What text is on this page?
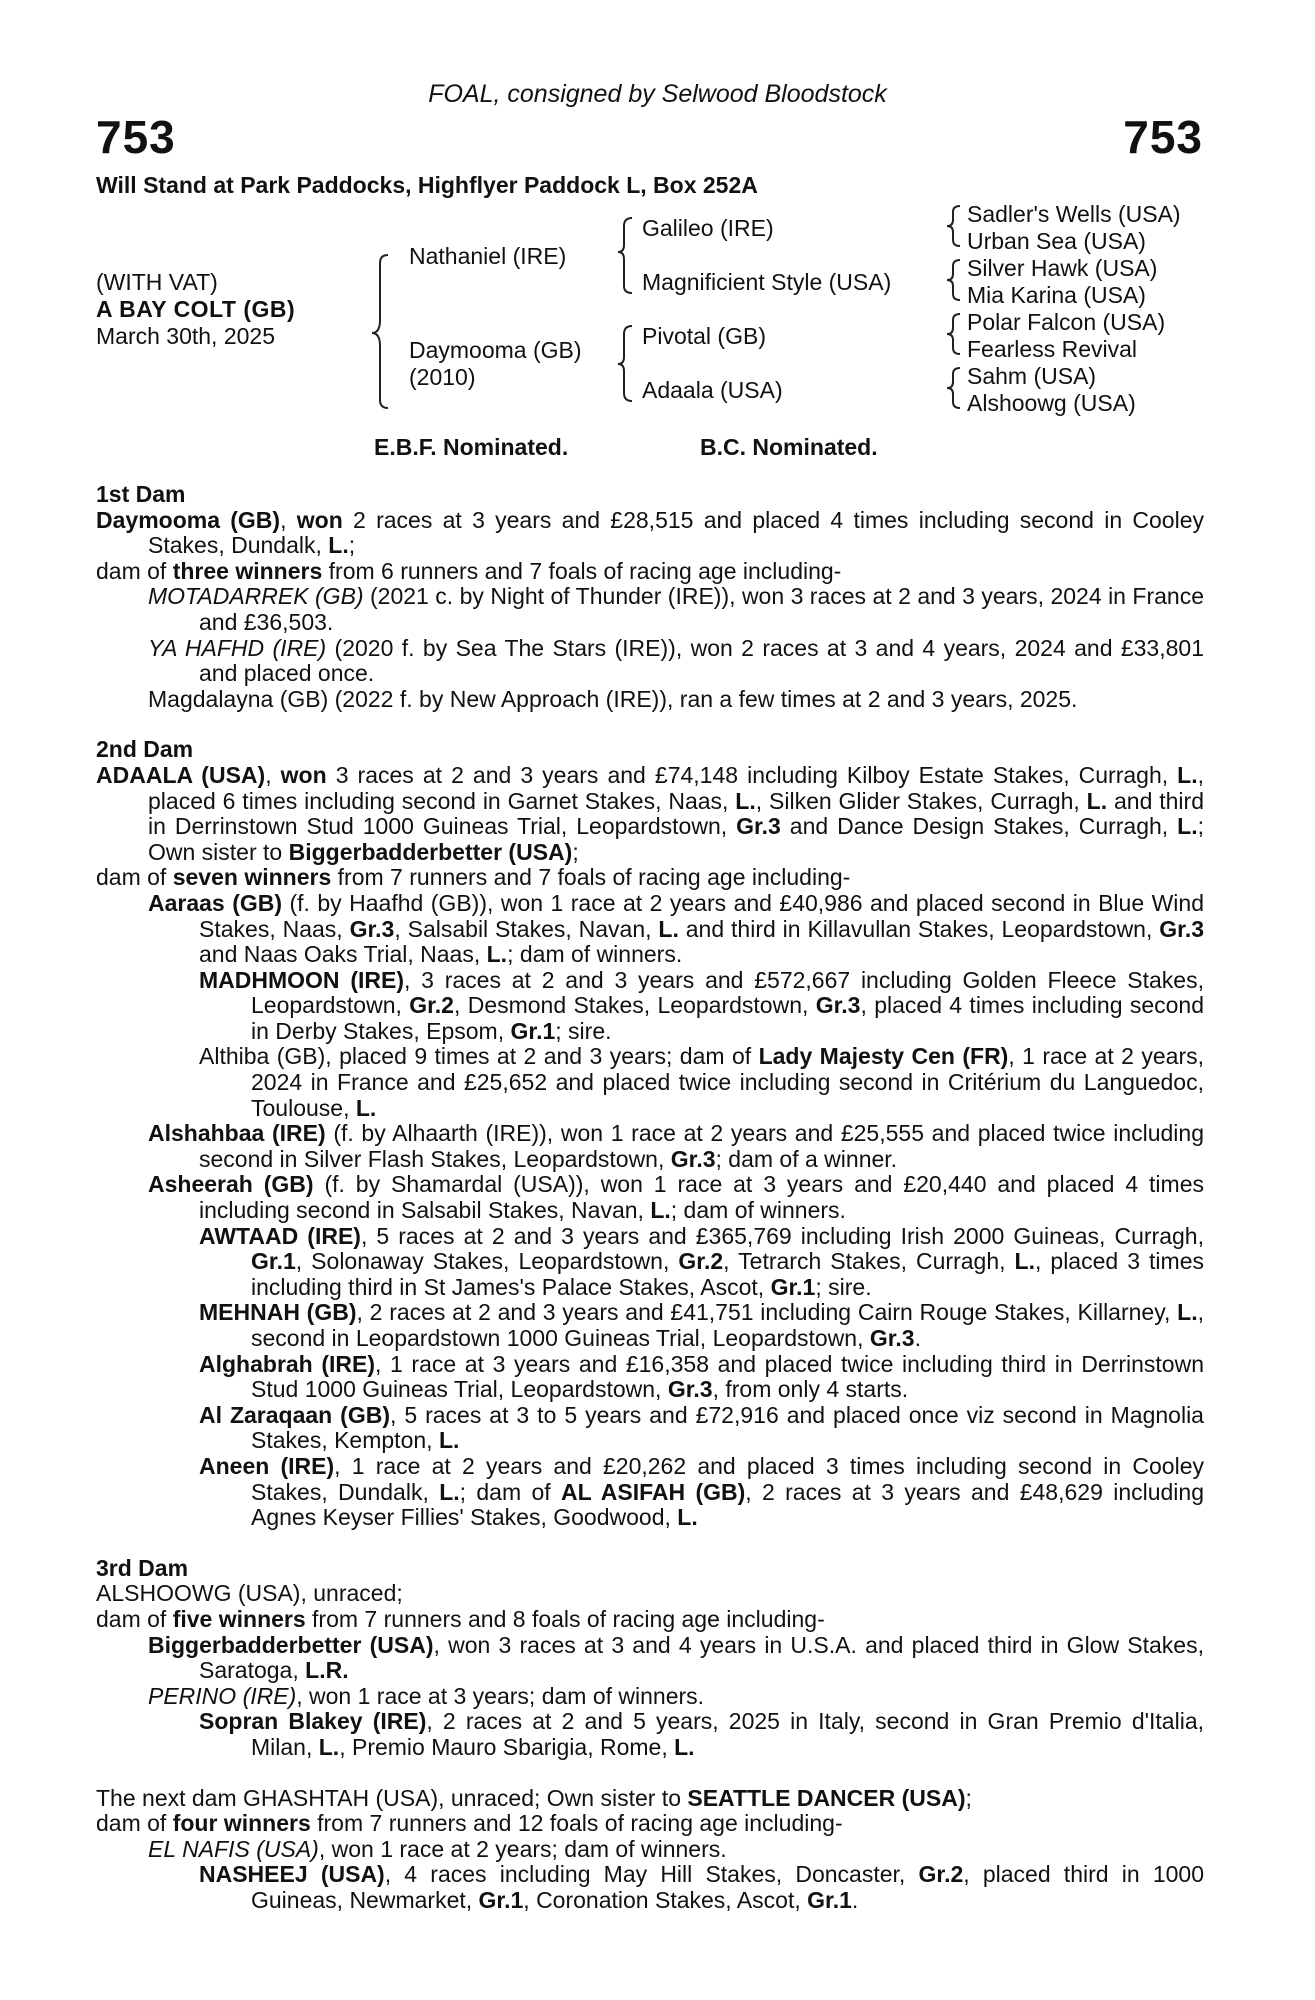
FOAL, consigned by Selwood Bloodstock
753	753
Will Stand at Park Paddocks, Highflyer Paddock L, Box 252A
(WITH VAT)
A BAY COLT (GB)
March 30th, 2025
Nathaniel (IRE)
Daymooma (GB)
(2010)
Galileo (IRE)
Magnificient Style (USA)
Pivotal (GB)
Adaala (USA)
Sadler's Wells (USA)
Urban Sea (USA)
Silver Hawk (USA)
Mia Karina (USA)
Polar Falcon (USA)
Fearless Revival
Sahm (USA)
Alshoowg (USA)
E.B.F. Nominated.	B.C. Nominated.

1st Dam

Daymooma (GB), won 2 races at 3 years and £28,515 and placed 4 times including second in Cooley Stakes, Dundalk, L.;

dam of three winners from 6 runners and 7 foals of racing age including-

MOTADARREK (GB) (2021 c. by Night of Thunder (IRE)), won 3 races at 2 and 3 years, 2024 in France and £36,503.

YA HAFHD (IRE) (2020 f. by Sea The Stars (IRE)), won 2 races at 3 and 4 years, 2024 and £33,801 and placed once.

Magdalayna (GB) (2022 f. by New Approach (IRE)), ran a few times at 2 and 3 years, 2025.

2nd Dam

ADAALA (USA), won 3 races at 2 and 3 years and £74,148 including Kilboy Estate Stakes, Curragh, L., placed 6 times including second in Garnet Stakes, Naas, L., Silken Glider Stakes, Curragh, L. and third in Derrinstown Stud 1000 Guineas Trial, Leopardstown, Gr.3 and Dance Design Stakes, Curragh, L.; Own sister to Biggerbadderbetter (USA);

dam of seven winners from 7 runners and 7 foals of racing age including-

Aaraas (GB) (f. by Haafhd (GB)), won 1 race at 2 years and £40,986 and placed second in Blue Wind Stakes, Naas, Gr.3, Salsabil Stakes, Navan, L. and third in Killavullan Stakes, Leopardstown, Gr.3 and Naas Oaks Trial, Naas, L.; dam of winners.

MADHMOON (IRE), 3 races at 2 and 3 years and £572,667 including Golden Fleece Stakes, Leopardstown, Gr.2, Desmond Stakes, Leopardstown, Gr.3, placed 4 times including second in Derby Stakes, Epsom, Gr.1; sire.

Althiba (GB), placed 9 times at 2 and 3 years; dam of Lady Majesty Cen (FR), 1 race at 2 years, 2024 in France and £25,652 and placed twice including second in Critérium du Languedoc, Toulouse, L.

Alshahbaa (IRE) (f. by Alhaarth (IRE)), won 1 race at 2 years and £25,555 and placed twice including second in Silver Flash Stakes, Leopardstown, Gr.3; dam of a winner.

Asheerah (GB) (f. by Shamardal (USA)), won 1 race at 3 years and £20,440 and placed 4 times including second in Salsabil Stakes, Navan, L.; dam of winners.

AWTAAD (IRE), 5 races at 2 and 3 years and £365,769 including Irish 2000 Guineas, Curragh, Gr.1, Solonaway Stakes, Leopardstown, Gr.2, Tetrarch Stakes, Curragh, L., placed 3 times including third in St James's Palace Stakes, Ascot, Gr.1; sire.

MEHNAH (GB), 2 races at 2 and 3 years and £41,751 including Cairn Rouge Stakes, Killarney, L., second in Leopardstown 1000 Guineas Trial, Leopardstown, Gr.3.

Alghabrah (IRE), 1 race at 3 years and £16,358 and placed twice including third in Derrinstown Stud 1000 Guineas Trial, Leopardstown, Gr.3, from only 4 starts.

Al Zaraqaan (GB), 5 races at 3 to 5 years and £72,916 and placed once viz second in Magnolia Stakes, Kempton, L.

Aneen (IRE), 1 race at 2 years and £20,262 and placed 3 times including second in Cooley Stakes, Dundalk, L.; dam of AL ASIFAH (GB), 2 races at 3 years and £48,629 including Agnes Keyser Fillies' Stakes, Goodwood, L.

3rd Dam

ALSHOOWG (USA), unraced;

dam of five winners from 7 runners and 8 foals of racing age including-

Biggerbadderbetter (USA), won 3 races at 3 and 4 years in U.S.A. and placed third in Glow Stakes, Saratoga, L.R.

PERINO (IRE), won 1 race at 3 years; dam of winners.

Sopran Blakey (IRE), 2 races at 2 and 5 years, 2025 in Italy, second in Gran Premio d'Italia, Milan, L., Premio Mauro Sbarigia, Rome, L.

The next dam GHASHTAH (USA), unraced; Own sister to SEATTLE DANCER (USA);

dam of four winners from 7 runners and 12 foals of racing age including-

EL NAFIS (USA), won 1 race at 2 years; dam of winners.

NASHEEJ (USA), 4 races including May Hill Stakes, Doncaster, Gr.2, placed third in 1000 Guineas, Newmarket, Gr.1, Coronation Stakes, Ascot, Gr.1.
